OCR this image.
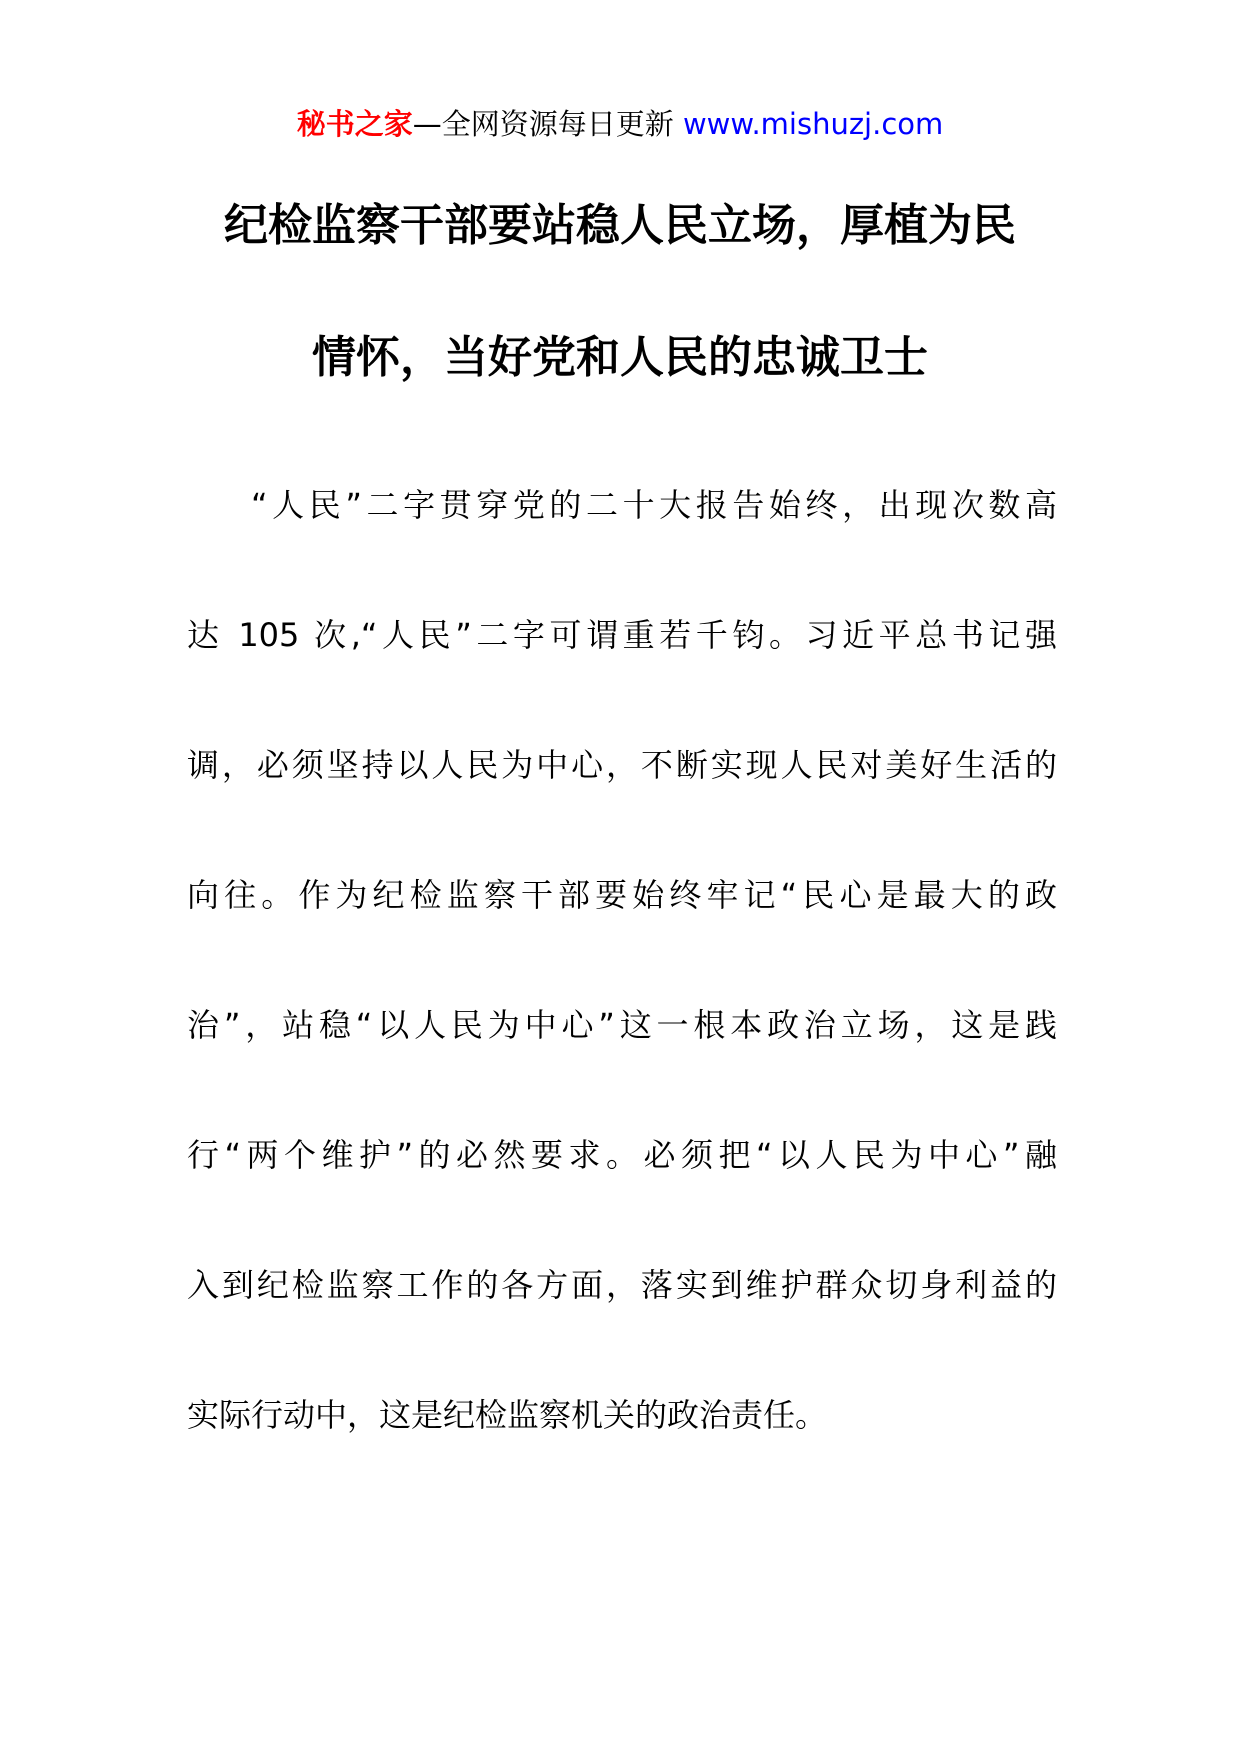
秘书之家—全网资源每日更新 www.mishuzj.com
纪检监察干部要站稳人民立场，厚植为民
情怀，当好党和人民的忠诚卫士

“人民”二字贯穿党的二十大报告始终，出现次数高
达 105 次,“人民”二字可谓重若千钧。习近平总书记强
调，必须坚持以人民为中心，不断实现人民对美好生活的
向往。作为纪检监察干部要始终牢记“民心是最大的政
治”，站稳“以人民为中心”这一根本政治立场，这是践
行“两个维护”的必然要求。必须把“以人民为中心”融
入到纪检监察工作的各方面，落实到维护群众切身利益的
实际行动中，这是纪检监察机关的政治责任。
